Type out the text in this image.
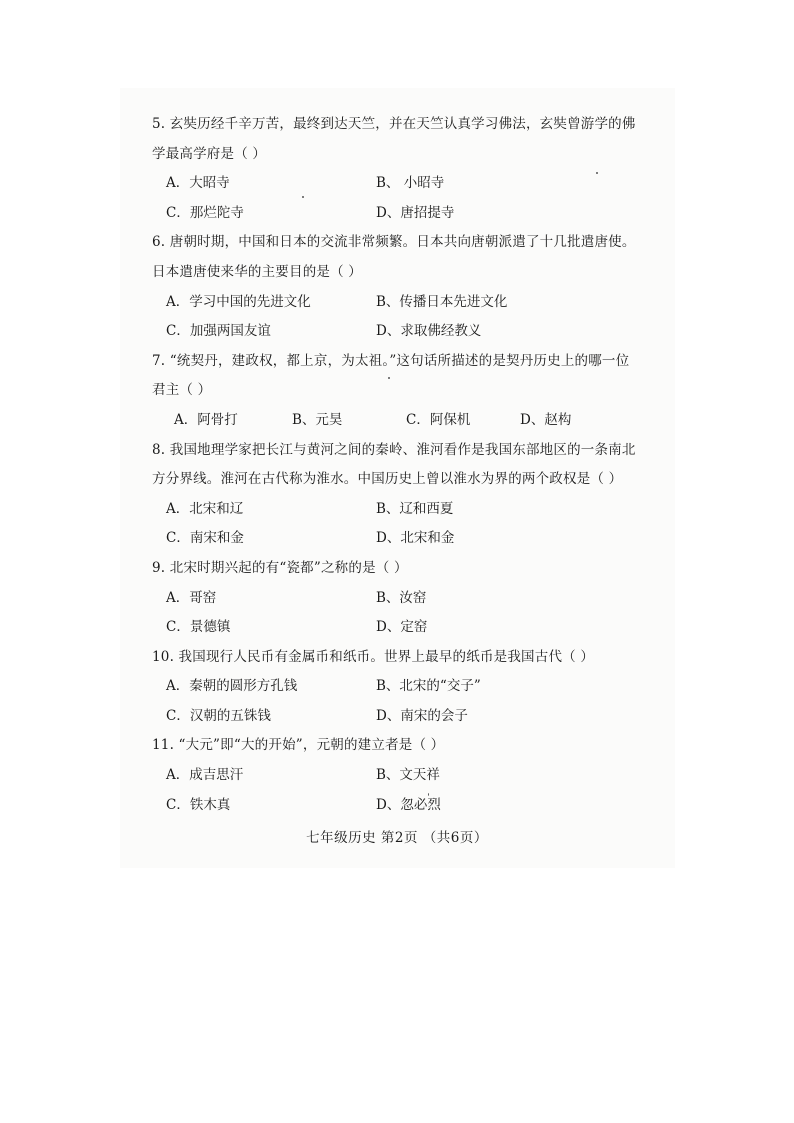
5. 玄奘历经千辛万苦，最终到达天竺，并在天竺认真学习佛法，玄奘曾游学的佛
学最高学府是（ ）
A．大昭寺	B、 小昭寺
C．那烂陀寺	D、唐招提寺
6. 唐朝时期，中国和日本的交流非常频繁。日本共向唐朝派遣了十几批遣唐使。
日本遣唐使来华的主要目的是（ ）
A．学习中国的先进文化	B、传播日本先进文化
C．加强两国友谊	D、求取佛经教义
7. “统契丹，建政权，都上京，为太祖。”这句话所描述的是契丹历史上的哪一位
君主（ ）
A．阿骨打	B、元昊	C．阿保机	D、赵构
8. 我国地理学家把长江与黄河之间的秦岭、淮河看作是我国东部地区的一条南北
方分界线。淮河在古代称为淮水。中国历史上曾以淮水为界的两个政权是（ ）
A．北宋和辽	B、辽和西夏
C．南宋和金	D、北宋和金
9. 北宋时期兴起的有“瓷都”之称的是（ ）
A．哥窑	B、汝窑
C．景德镇	D、定窑
10. 我国现行人民币有金属币和纸币。世界上最早的纸币是我国古代（ ）
A．秦朝的圆形方孔钱	B、北宋的“交子”
C．汉朝的五铢钱	D、南宋的会子
11. “大元”即“大的开始”，元朝的建立者是（ ）
A．成吉思汗	B、文天祥
C．铁木真	D、忽必烈
七年级历史 第2页 （共6页）
